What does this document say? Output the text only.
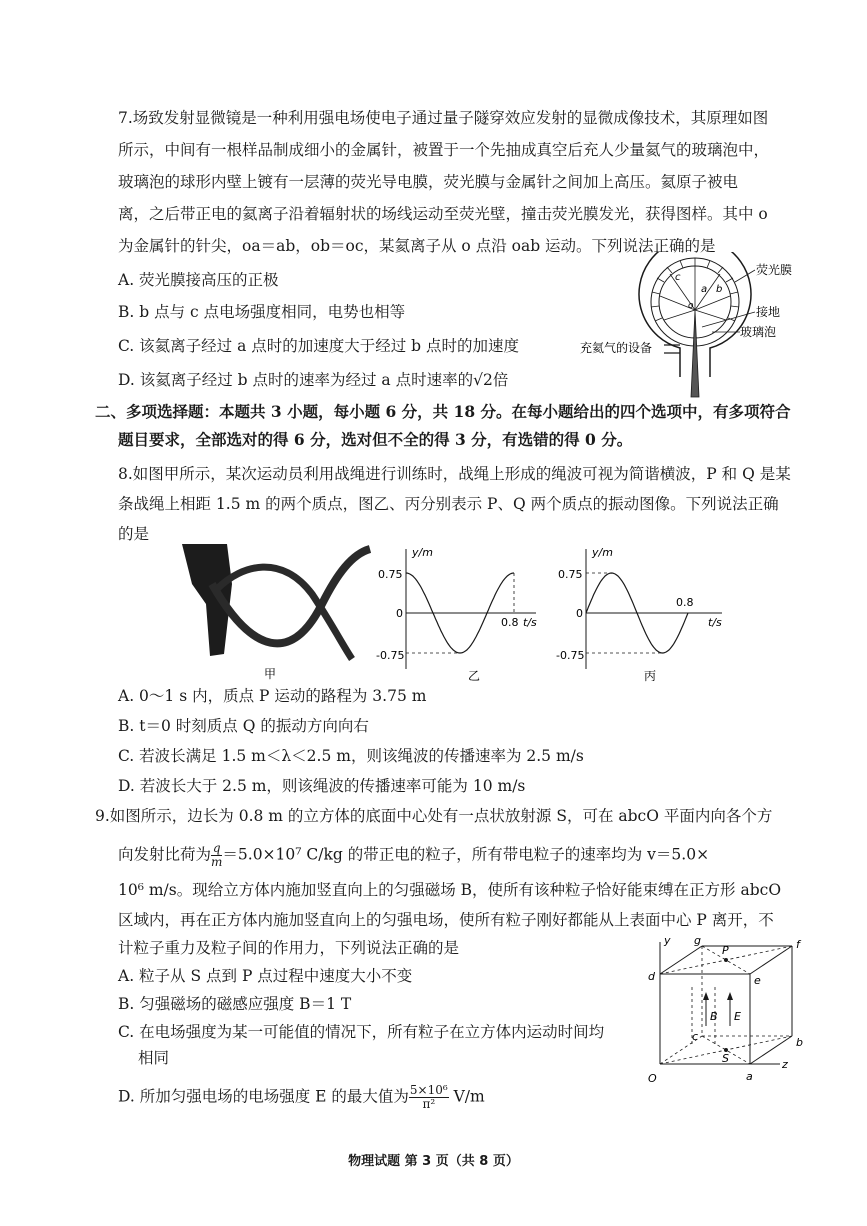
7.场致发射显微镜是一种利用强电场使电子通过量子隧穿效应发射的显微成像技术，其原理如图
所示，中间有一根样品制成细小的金属针，被置于一个先抽成真空后充人少量氦气的玻璃泡中，
玻璃泡的球形内壁上镀有一层薄的荧光导电膜，荧光膜与金属针之间加上高压。氦原子被电
离，之后带正电的氦离子沿着辐射状的场线运动至荧光壁，撞击荧光膜发光，获得图样。其中 o
为金属针的针尖，oa＝ab，ob＝oc，某氦离子从 o 点沿 oab 运动。下列说法正确的是
A. 荧光膜接高压的正极
B. b 点与 c 点电场强度相同，电势也相等
C. 该氦离子经过 a 点时的加速度大于经过 b 点时的加速度
D. 该氦离子经过 b 点时的速率为经过 a 点时速率的√2倍
荧光膜
接地
玻璃泡
充氦气的设备
a b
c
o
二、多项选择题：本题共 3 小题，每小题 6 分，共 18 分。在每小题给出的四个选项中，有多项符合
题目要求，全部选对的得 6 分，选对但不全的得 3 分，有选错的得 0 分。
8.如图甲所示，某次运动员利用战绳进行训练时，战绳上形成的绳波可视为简谐横波，P 和 Q 是某
条战绳上相距 1.5 m 的两个质点，图乙、丙分别表示 P、Q 两个质点的振动图像。下列说法正确
的是
甲
y/m
t/s
0.75
0
-0.75
0.8
乙
y/m
t/s
0.75
0
-0.75
0.8
丙
A. 0～1 s 内，质点 P 运动的路程为 3.75 m
B. t＝0 时刻质点 Q 的振动方向向右
C. 若波长满足 1.5 m＜λ＜2.5 m，则该绳波的传播速率为 2.5 m/s
D. 若波长大于 2.5 m，则该绳波的传播速率可能为 10 m/s
9.如图所示，边长为 0.8 m 的立方体的底面中心处有一点状放射源 S，可在 abcO 平面内向各个方
向发射比荷为 $\frac{q}{m} =5.0\times 10^7$ C/kg 的带正电的粒子，所有带电粒子的速率均为 v＝5.0×
10⁶ m/s。现给立方体内施加竖直向上的匀强磁场 B，使所有该种粒子恰好能束缚在正方形 abcO
区域内，再在正方体内施加竖直向上的匀强电场，使所有粒子刚好都能从上表面中心 P 离开，不
计粒子重力及粒子间的作用力，下列说法正确的是
A. 粒子从 S 点到 P 点过程中速度大小不变
B. 匀强磁场的磁感应强度 B＝1 T
C. 在电场强度为某一可能值的情况下，所有粒子在立方体内运动时间均
相同
D. 所加匀强电场的电场强度 E 的最大值为 $\frac{\text{5×10⁶}}{\text{π²}} V/m$
g
P	f
d	e
y
B E
c	b
S
O	a
z
物理试题 第 3 页（共 8 页）
